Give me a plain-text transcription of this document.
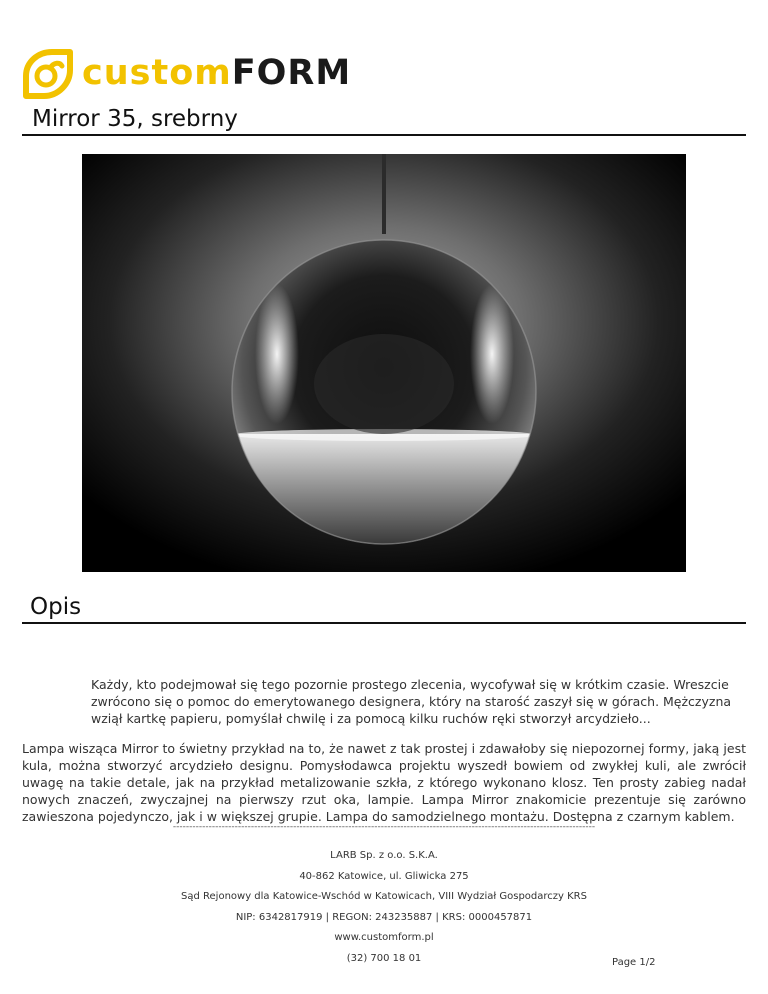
customFORM
Mirror 35, srebrny
Opis

Każdy, kto podejmował się tego pozornie prostego zlecenia, wycofywał się w krótkim czasie. Wreszcie zwrócono się o pomoc do emerytowanego designera, który na starość zaszył się w górach. Mężczyzna wziął kartkę papieru, pomyślał chwilę i za pomocą kilku ruchów ręki stworzył arcydzieło...

Lampa wisząca Mirror to świetny przykład na to, że nawet z tak prostej i zdawałoby się niepozornej formy, jaką jest kula, można stworzyć arcydzieło designu. Pomysłodawca projektu wyszedł bowiem od zwykłej kuli, ale zwrócił uwagę na takie detale, jak na przykład metalizowanie szkła, z którego wykonano klosz. Ten prosty zabieg nadał nowych znaczeń, zwyczajnej na pierwszy rzut oka, lampie. Lampa Mirror znakomicie prezentuje się zarówno zawieszona pojedynczo, jak i w większej grupie. Lampa do samodzielnego montażu. Dostępna z czarnym kablem.

----------------------------------------------------------------------------------------------------------------------------------
LARB Sp. z o.o. S.K.A.
40-862 Katowice, ul. Gliwicka 275
Sąd Rejonowy dla Katowice-Wschód w Katowicach, VIII Wydział Gospodarczy KRS
NIP: 6342817919 | REGON: 243235887 | KRS: 0000457871
www.customform.pl
(32) 700 18 01	Page 1/2
